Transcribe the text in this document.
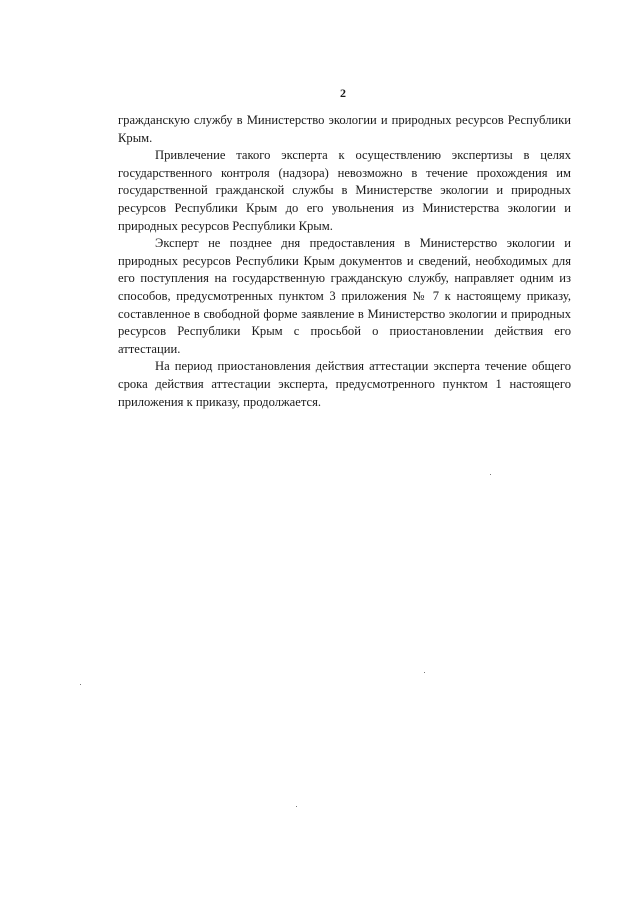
2

гражданскую службу в Министерство экологии и природных ресурсов Республики Крым.

Привлечение такого эксперта к осуществлению экспертизы в целях государственного контроля (надзора) невозможно в течение прохождения им государственной гражданской службы в Министерстве экологии и природных ресурсов Республики Крым до его увольнения из Министерства экологии и природных ресурсов Республики Крым.

Эксперт не позднее дня предоставления в Министерство экологии и природных ресурсов Республики Крым документов и сведений, необходимых для его поступления на государственную гражданскую службу, направляет одним из способов, предусмотренных пунктом 3 приложения № 7 к настоящему приказу, составленное в свободной форме заявление в Министерство экологии и природных ресурсов Республики Крым с просьбой о приостановлении действия его аттестации.

На период приостановления действия аттестации эксперта течение общего срока действия аттестации эксперта, предусмотренного пунктом 1 настоящего приложения к приказу, продолжается.
